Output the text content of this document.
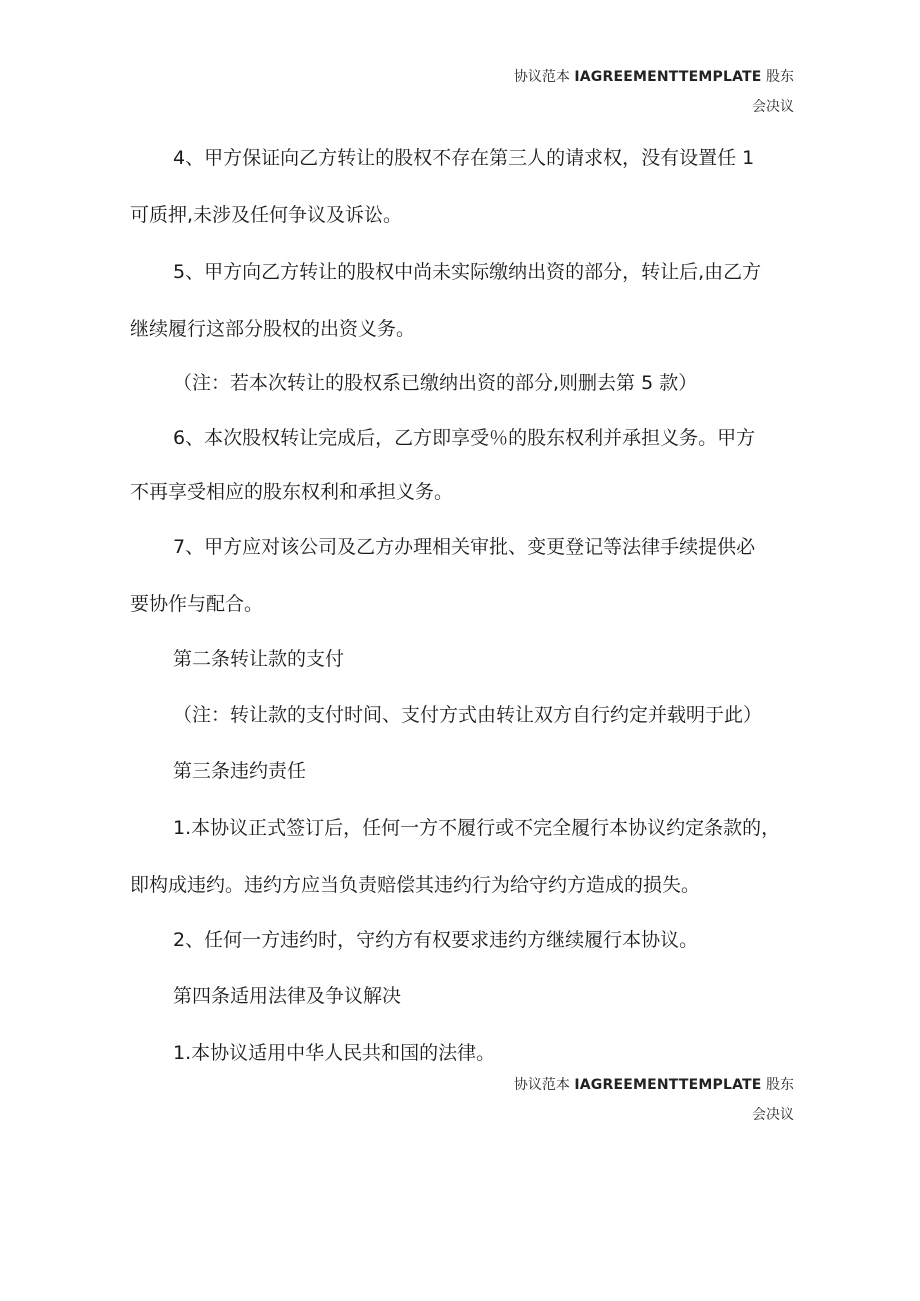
协议范本 IAGREEMENTTEMPLATE 股东
会决议
4、甲方保证向乙方转让的股权不存在第三人的请求权，没有设置任 1
可质押,未涉及任何争议及诉讼。
5、甲方向乙方转让的股权中尚未实际缴纳出资的部分，转让后,由乙方
继续履行这部分股权的出资义务。
（注：若本次转让的股权系已缴纳出资的部分,则删去第 5 款）
6、本次股权转让完成后，乙方即享受％的股东权利并承担义务。甲方
不再享受相应的股东权利和承担义务。
7、甲方应对该公司及乙方办理相关审批、变更登记等法律手续提供必
要协作与配合。
第二条转让款的支付
（注：转让款的支付时间、支付方式由转让双方自行约定并载明于此）
第三条违约责任
1.本协议正式签订后，任何一方不履行或不完全履行本协议约定条款的，
即构成违约。违约方应当负责赔偿其违约行为给守约方造成的损失。
2、任何一方违约时，守约方有权要求违约方继续履行本协议。
第四条适用法律及争议解决
1.本协议适用中华人民共和国的法律。
协议范本 IAGREEMENTTEMPLATE 股东
会决议
